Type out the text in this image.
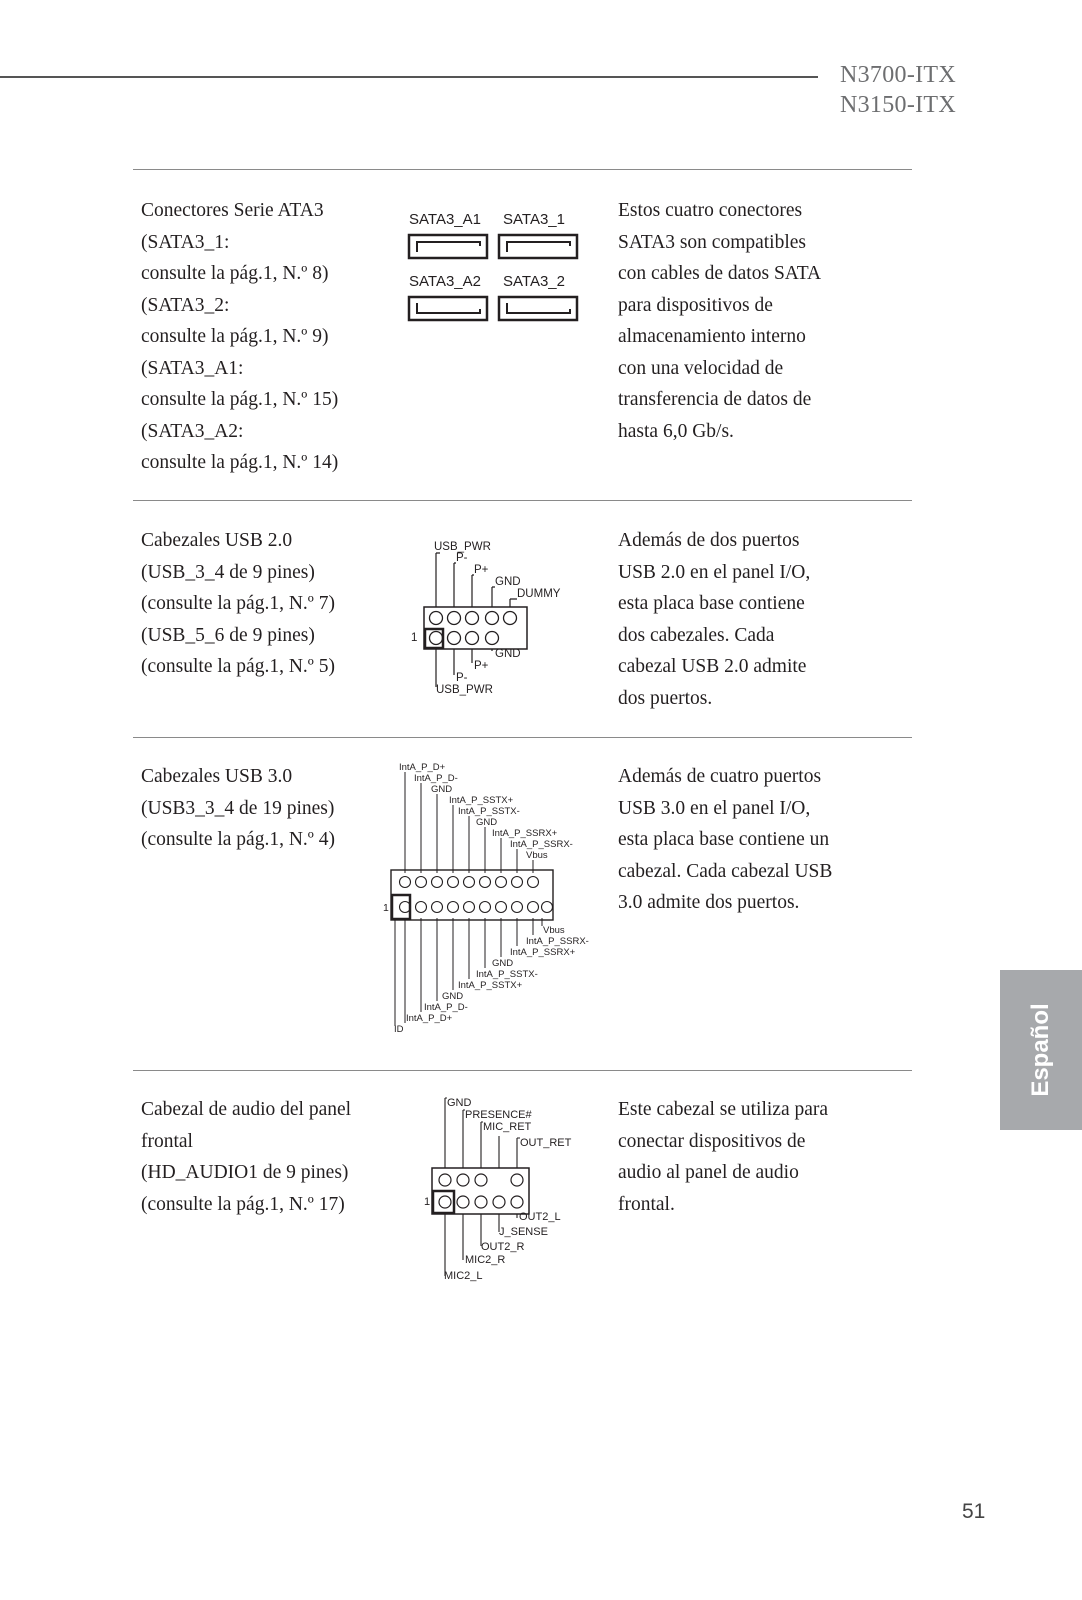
N3700-ITX
N3150-ITX
Conectores Serie ATA3
(SATA3_1:
consulte la pág.1, N.º 8)
(SATA3_2:
consulte la pág.1, N.º 9)
(SATA3_A1:
consulte la pág.1, N.º 15)
(SATA3_A2:
consulte la pág.1, N.º 14)
Estos cuatro conectores
SATA3 son compatibles
con cables de datos SATA
para dispositivos de
almacenamiento interno
con una velocidad de
transferencia de datos de
hasta 6,0 Gb/s.
SATA3_A1 SATA3_1
SATA3_A2 SATA3_2
Cabezales USB 2.0
(USB_3_4 de 9 pines)
(consulte la pág.1, N.º 7)
(USB_5_6 de 9 pines)
(consulte la pág.1, N.º 5)
Además de dos puertos
USB 2.0 en el panel I/O,
esta placa base contiene
dos cabezales. Cada
cabezal USB 2.0 admite
dos puertos.
USB_PWR
P-
P+
GND
DUMMY
GND
P+
P-
USB_PWR
1
Cabezales USB 3.0
(USB3_3_4 de 19 pines)
(consulte la pág.1, N.º 4)
Además de cuatro puertos
USB 3.0 en el panel I/O,
esta placa base contiene un
cabezal. Cada cabezal USB
3.0 admite dos puertos.
IntA_P_D+
IntA_P_D-
GND
IntA_P_SSTX+
IntA_P_SSTX-
GND
IntA_P_SSRX+
IntA_P_SSRX-
Vbus
Vbus
IntA_P_SSRX-
IntA_P_SSRX+
GND
IntA_P_SSTX-
IntA_P_SSTX+
GND
IntA_P_D-
IntA_P_D+
ID
1
Cabezal de audio del panel
frontal
(HD_AUDIO1 de 9 pines)
(consulte la pág.1, N.º 17)
Este cabezal se utiliza para
conectar dispositivos de
audio al panel de audio
frontal.
GND
PRESENCE#
MIC_RET
OUT_RET
OUT2_L
J_SENSE
OUT2_R
MIC2_R
MIC2_L
1
Español
51
